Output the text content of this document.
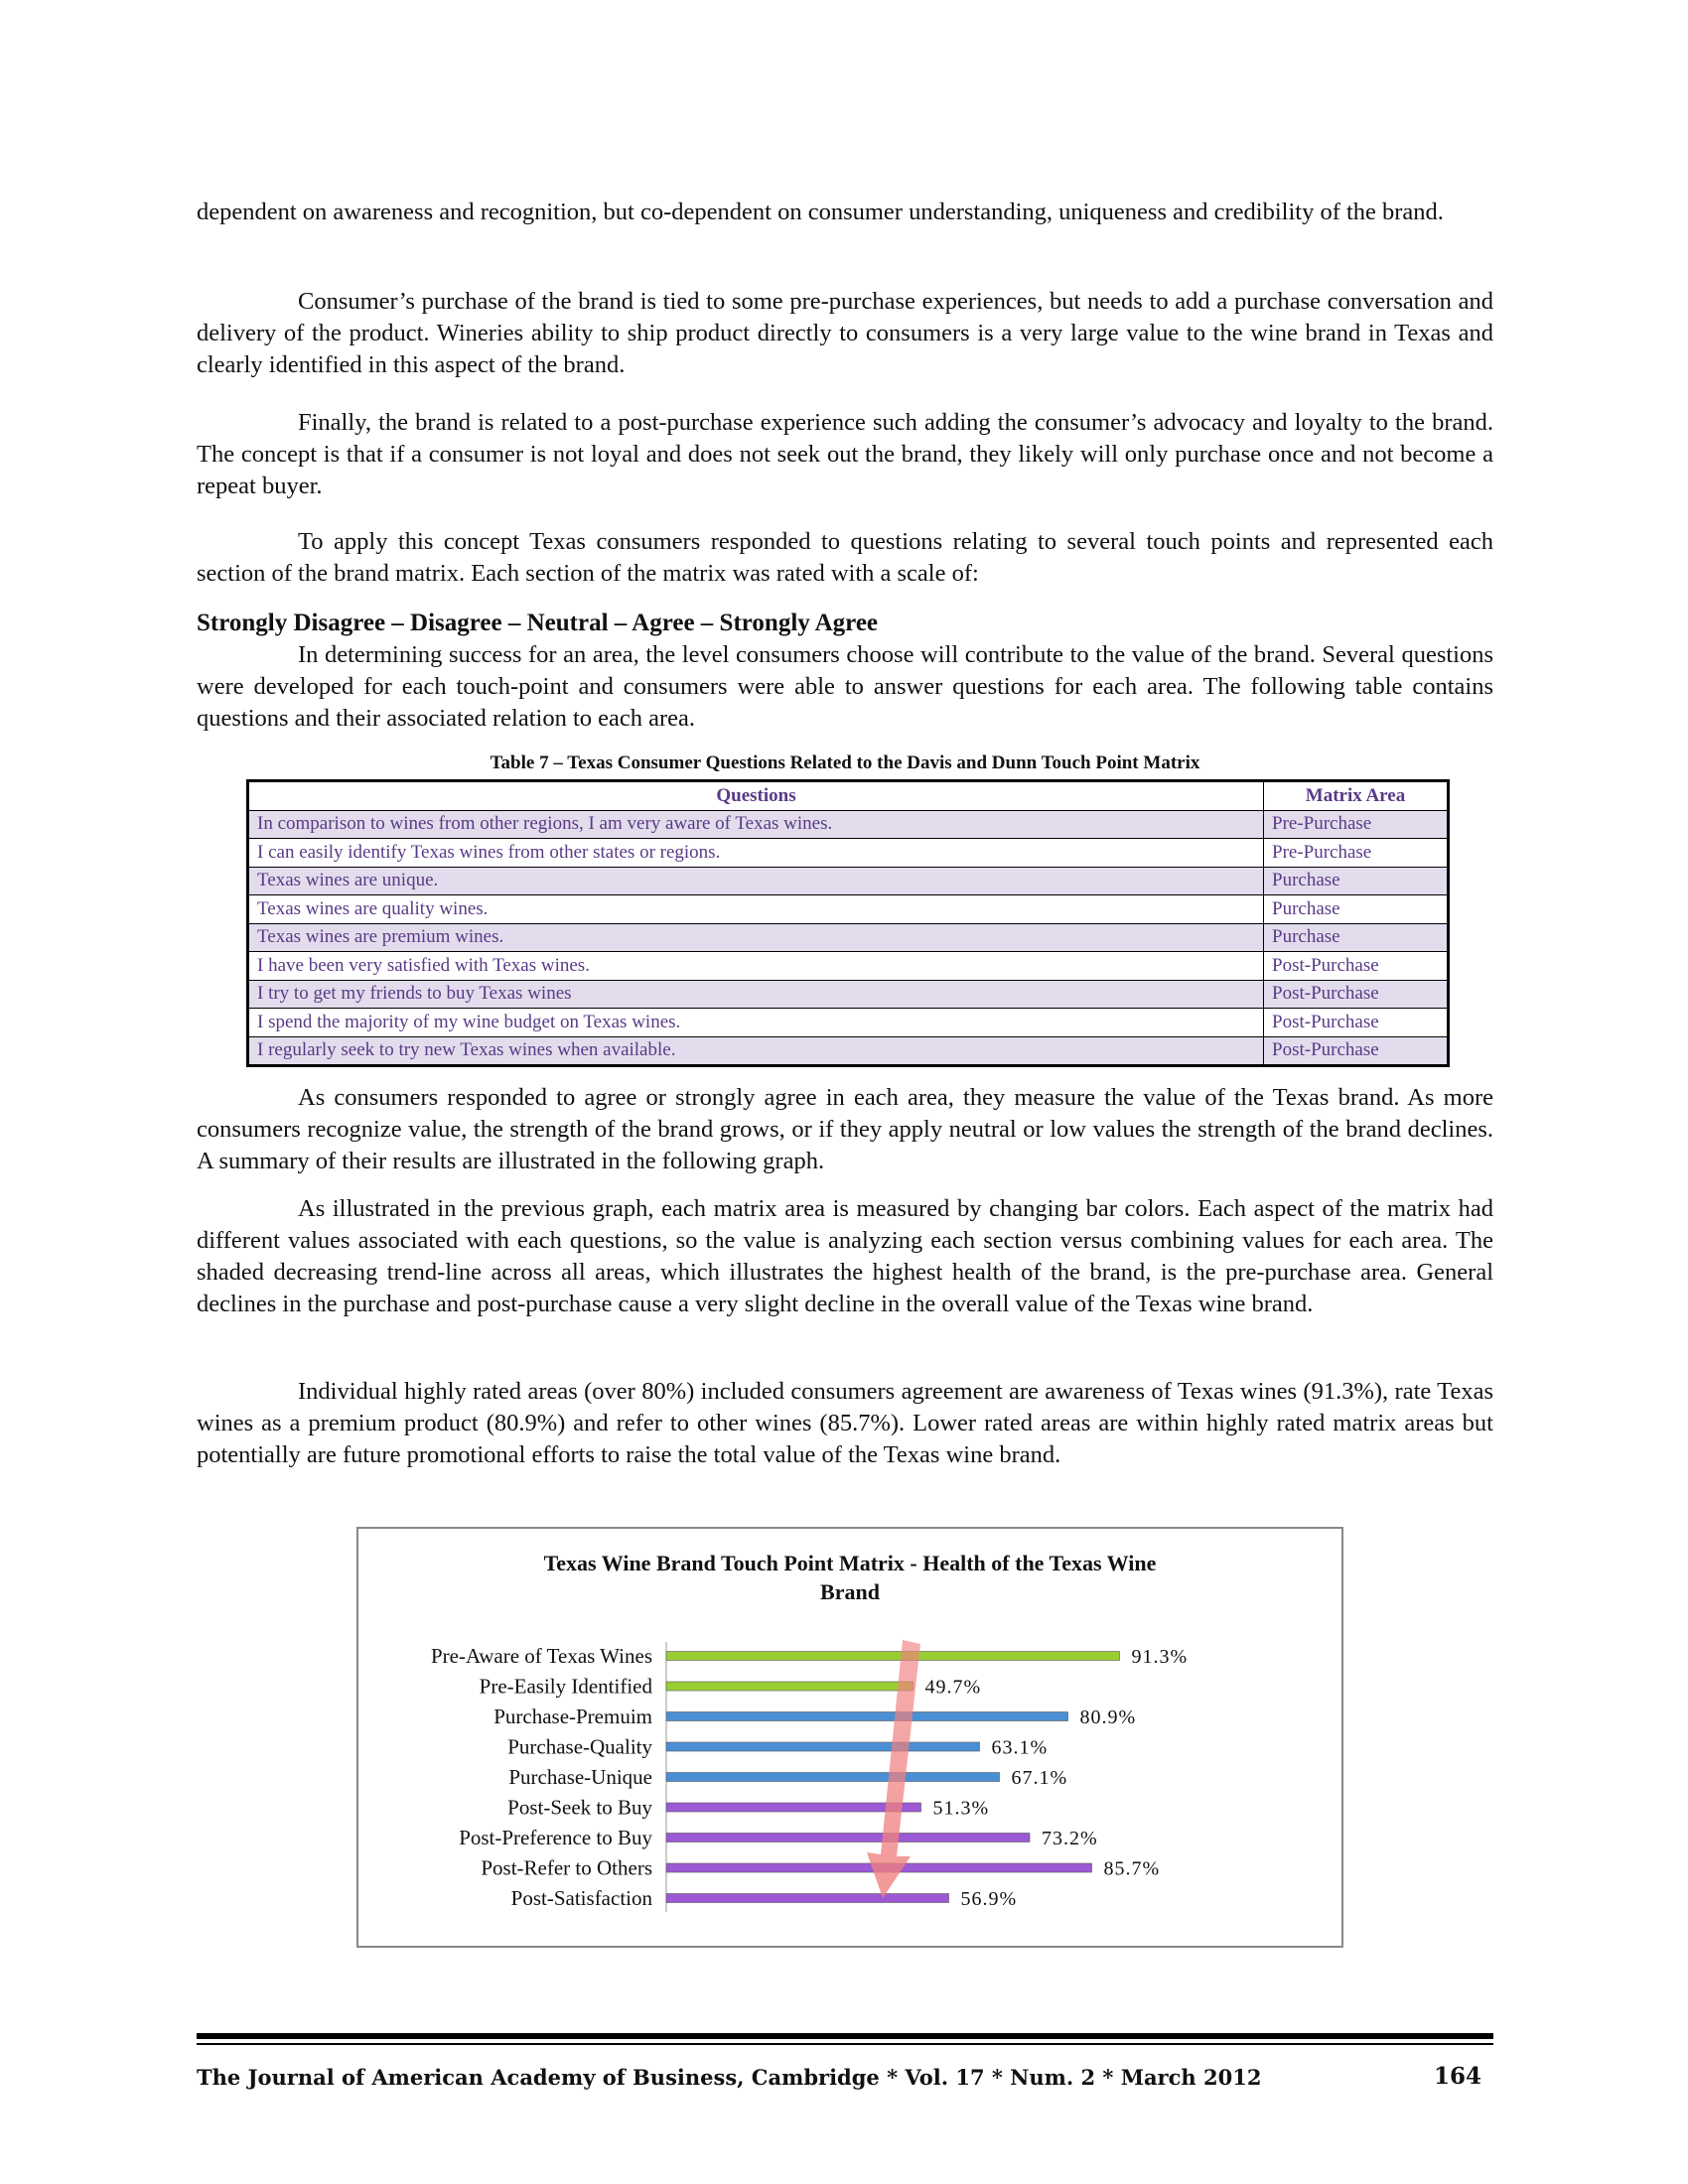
dependent on awareness and recognition, but co-dependent on consumer understanding, uniqueness and credibility of the brand.

Consumer’s purchase of the brand is tied to some pre-purchase experiences, but needs to add a purchase conversation and delivery of the product. Wineries ability to ship product directly to consumers is a very large value to the wine brand in Texas and clearly identified in this aspect of the brand.

Finally, the brand is related to a post-purchase experience such adding the consumer’s advocacy and loyalty to the brand. The concept is that if a consumer is not loyal and does not seek out the brand, they likely will only purchase once and not become a repeat buyer.

To apply this concept Texas consumers responded to questions relating to several touch points and represented each section of the brand matrix. Each section of the matrix was rated with a scale of:

Strongly Disagree – Disagree – Neutral – Agree – Strongly Agree

In determining success for an area, the level consumers choose will contribute to the value of the brand. Several questions were developed for each touch-point and consumers were able to answer questions for each area. The following table contains questions and their associated relation to each area.

Table 7 – Texas Consumer Questions Related to the Davis and Dunn Touch Point Matrix
Questions	Matrix Area
In comparison to wines from other regions, I am very aware of Texas wines.	Pre-Purchase
I can easily identify Texas wines from other states or regions.	Pre-Purchase
Texas wines are unique.	Purchase
Texas wines are quality wines.	Purchase
Texas wines are premium wines.	Purchase
I have been very satisfied with Texas wines.	Post-Purchase
I try to get my friends to buy Texas wines	Post-Purchase
I spend the majority of my wine budget on Texas wines.	Post-Purchase
I regularly seek to try new Texas wines when available.	Post-Purchase

As consumers responded to agree or strongly agree in each area, they measure the value of the Texas brand. As more consumers recognize value, the strength of the brand grows, or if they apply neutral or low values the strength of the brand declines. A summary of their results are illustrated in the following graph.

As illustrated in the previous graph, each matrix area is measured by changing bar colors. Each aspect of the matrix had different values associated with each questions, so the value is analyzing each section versus combining values for each area. The shaded decreasing trend-line across all areas, which illustrates the highest health of the brand, is the pre-purchase area. General declines in the purchase and post-purchase cause a very slight decline in the overall value of the Texas wine brand.

Individual highly rated areas (over 80%) included consumers agreement are awareness of Texas wines (91.3%), rate Texas wines as a premium product (80.9%) and refer to other wines (85.7%). Lower rated areas are within highly rated matrix areas but potentially are future promotional efforts to raise the total value of the Texas wine brand.

Texas Wine Brand Touch Point Matrix - Health of the Texas Wine
Brand
Pre-Aware of Texas Wines	91.3%
Pre-Easily Identified	49.7%
Purchase-Premuim	80.9%
Purchase-Quality	63.1%
Purchase-Unique	67.1%
Post-Seek to Buy	51.3%
Post-Preference to Buy	73.2%
Post-Refer to Others	85.7%
Post-Satisfaction	56.9%
The Journal of American Academy of Business, Cambridge * Vol. 17 * Num. 2 * March 2012	164
